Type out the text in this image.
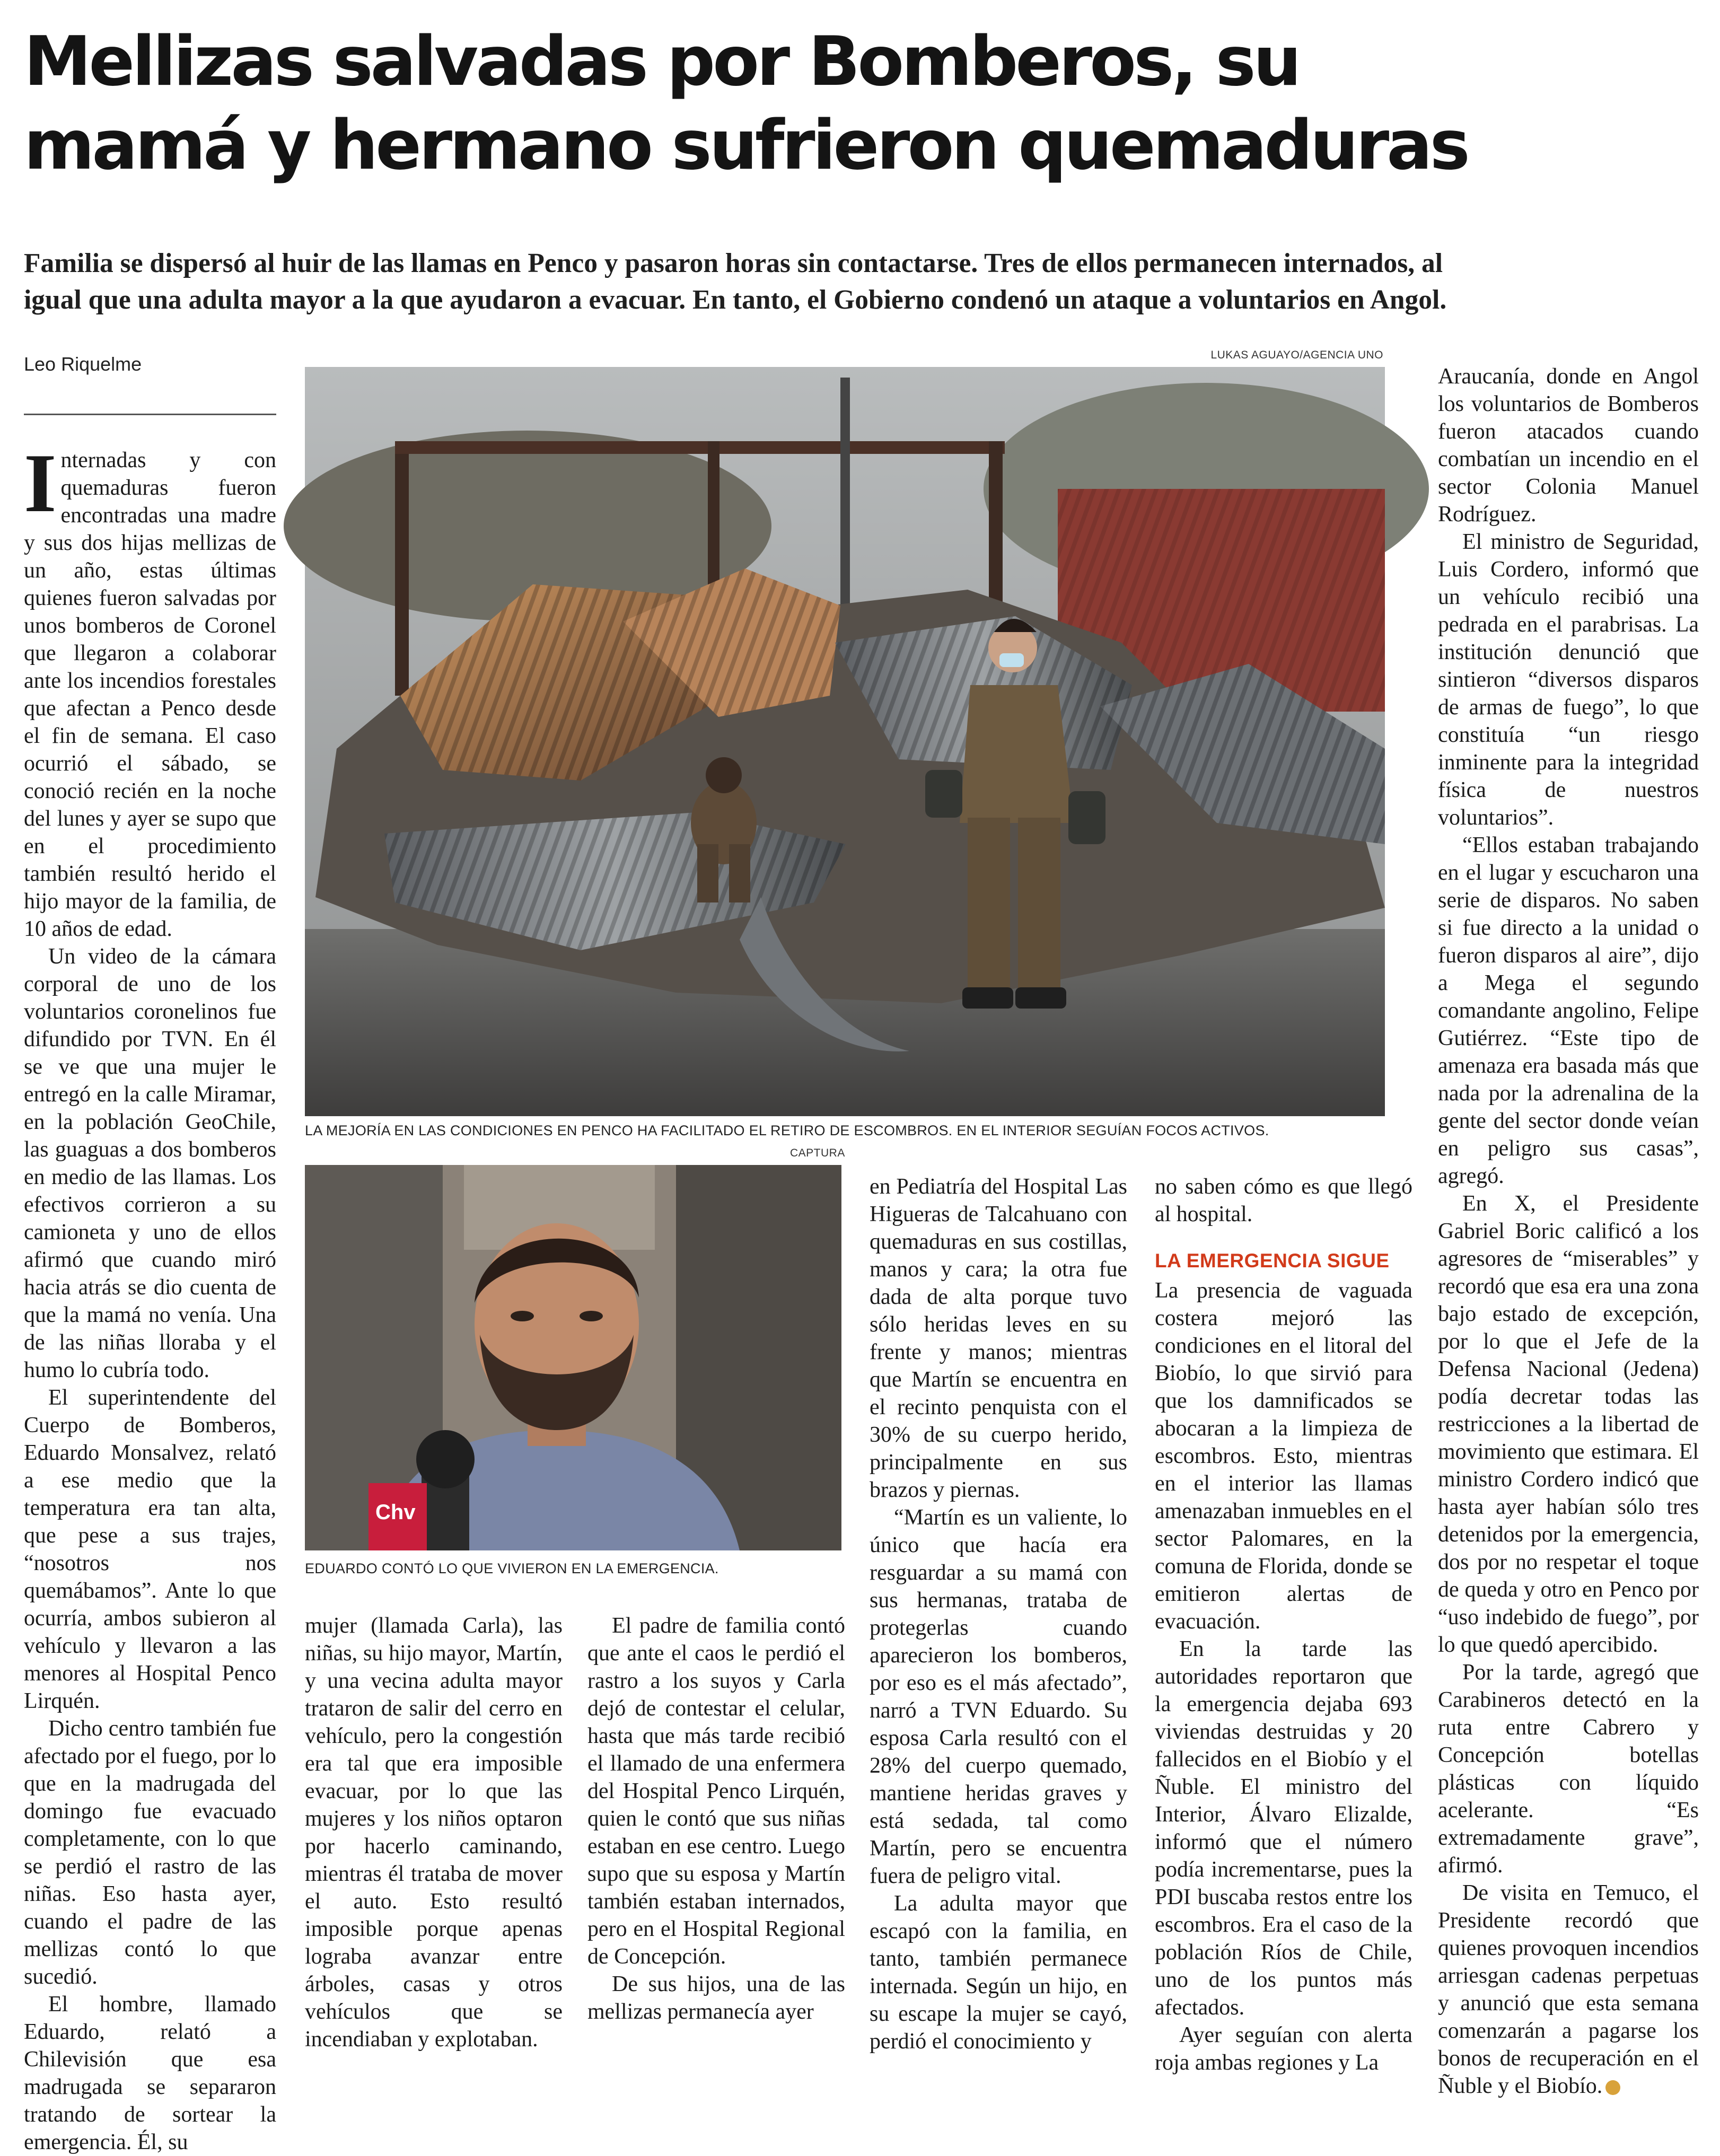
Mellizas salvadas por Bomberos, su
mamá y hermano sufrieron quemaduras
Familia se dispersó al huir de las llamas en Penco y pasaron horas sin contactarse. Tres de ellos permanecen internados, al
igual que una adulta mayor a la que ayudaron a evacuar. En tanto, el Gobierno condenó un ataque a voluntarios en Angol.
Leo Riquelme	LUKAS AGUAYO/AGENCIA UNO
LA MEJORÍA EN LAS CONDICIONES EN PENCO HA FACILITADO EL RETIRO DE ESCOMBROS. EN EL INTERIOR SEGUÍAN FOCOS ACTIVOS.
CAPTURA
Chv
EDUARDO CONTÓ LO QUE VIVIERON EN LA EMERGENCIA.

Internadas y con quemaduras fueron encontradas una madre y sus dos hijas mellizas de un año, estas últimas quienes fueron salvadas por unos bomberos de Coronel que llegaron a colaborar ante los incendios forestales que afectan a Penco desde el fin de semana. El caso ocurrió el sábado, se conoció recién en la noche del lunes y ayer se supo que en el procedimiento también resultó herido el hijo mayor de la familia, de 10 años de edad.

Un video de la cámara corporal de uno de los voluntarios coronelinos fue difundido por TVN. En él se ve que una mujer le entregó en la calle Miramar, en la población GeoChile, las guaguas a dos bomberos en medio de las llamas. Los efectivos corrieron a su camioneta y uno de ellos afirmó que cuando miró hacia atrás se dio cuenta de que la mamá no venía. Una de las niñas lloraba y el humo lo cubría todo.

El superintendente del Cuerpo de Bomberos, Eduardo Monsalvez, relató a ese medio que la temperatura era tan alta, que pese a sus trajes, “nosotros nos quemábamos”. Ante lo que ocurría, ambos subieron al vehículo y llevaron a las menores al Hospital Penco Lirquén.

Dicho centro también fue afectado por el fuego, por lo que en la madrugada del domingo fue evacuado completamente, con lo que se perdió el rastro de las niñas. Eso hasta ayer, cuando el padre de las mellizas contó lo que sucedió.

El hombre, llamado Eduardo, relató a Chilevisión que esa madrugada se separaron tratando de sortear la emergencia. Él, su

mujer (llamada Carla), las niñas, su hijo mayor, Martín, y una vecina adulta mayor trataron de salir del cerro en vehículo, pero la congestión era tal que era imposible evacuar, por lo que las mujeres y los niños optaron por hacerlo caminando, mientras él trataba de mover el auto. Esto resultó imposible porque apenas lograba avanzar entre árboles, casas y otros vehículos que se incendiaban y explotaban.

El padre de familia contó que ante el caos le perdió el rastro a los suyos y Carla dejó de contestar el celular, hasta que más tarde recibió el llamado de una enfermera del Hospital Penco Lirquén, quien le contó que sus niñas estaban en ese centro. Luego supo que su esposa y Martín también estaban internados, pero en el Hospital Regional de Concepción.

De sus hijos, una de las mellizas permanecía ayer

en Pediatría del Hospital Las Higueras de Talcahuano con quemaduras en sus costillas, manos y cara; la otra fue dada de alta porque tuvo sólo heridas leves en su frente y manos; mientras que Martín se encuentra en el recinto penquista con el 30% de su cuerpo herido, principalmente en sus brazos y piernas.

“Martín es un valiente, lo único que hacía era resguardar a su mamá con sus hermanas, trataba de protegerlas cuando aparecieron los bomberos, por eso es el más afectado”, narró a TVN Eduardo. Su esposa Carla resultó con el 28% del cuerpo quemado, mantiene heridas graves y está sedada, tal como Martín, pero se encuentra fuera de peligro vital.

La adulta mayor que escapó con la familia, en tanto, también permanece internada. Según un hijo, en su escape la mujer se cayó, perdió el conocimiento y

no saben cómo es que llegó al hospital.

LA EMERGENCIA SIGUE

La presencia de vaguada costera mejoró las condiciones en el litoral del Biobío, lo que sirvió para que los damnificados se abocaran a la limpieza de escombros. Esto, mientras en el interior las llamas amenazaban inmuebles en el sector Palomares, en la comuna de Florida, donde se emitieron alertas de evacuación.

En la tarde las autoridades reportaron que la emergencia dejaba 693 viviendas destruidas y 20 fallecidos en el Biobío y el Ñuble. El ministro del Interior, Álvaro Elizalde, informó que el número podía incrementarse, pues la PDI buscaba restos entre los escombros. Era el caso de la población Ríos de Chile, uno de los puntos más afectados.

Ayer seguían con alerta roja ambas regiones y La

Araucanía, donde en Angol los voluntarios de Bomberos fueron atacados cuando combatían un incendio en el sector Colonia Manuel Rodríguez.

El ministro de Seguridad, Luis Cordero, informó que un vehículo recibió una pedrada en el parabrisas. La institución denunció que sintieron “diversos disparos de armas de fuego”, lo que constituía “un riesgo inminente para la integridad física de nuestros voluntarios”.

“Ellos estaban trabajando en el lugar y escucharon una serie de disparos. No saben si fue directo a la unidad o fueron disparos al aire”, dijo a Mega el segundo comandante angolino, Felipe Gutiérrez. “Este tipo de amenaza era basada más que nada por la adrenalina de la gente del sector donde veían en peligro sus casas”, agregó.

En X, el Presidente Gabriel Boric calificó a los agresores de “miserables” y recordó que esa era una zona bajo estado de excepción, por lo que el Jefe de la Defensa Nacional (Jedena) podía decretar todas las restricciones a la libertad de movimiento que estimara. El ministro Cordero indicó que hasta ayer habían sólo tres detenidos por la emergencia, dos por no respetar el toque de queda y otro en Penco por “uso indebido de fuego”, por lo que quedó apercibido.

Por la tarde, agregó que Carabineros detectó en la ruta entre Cabrero y Concepción botellas plásticas con líquido acelerante. “Es extremadamente grave”, afirmó.

De visita en Temuco, el Presidente recordó que quienes provoquen incendios arriesgan cadenas perpetuas y anunció que esta semana comenzarán a pagarse los bonos de recuperación en el Ñuble y el Biobío.	✪
